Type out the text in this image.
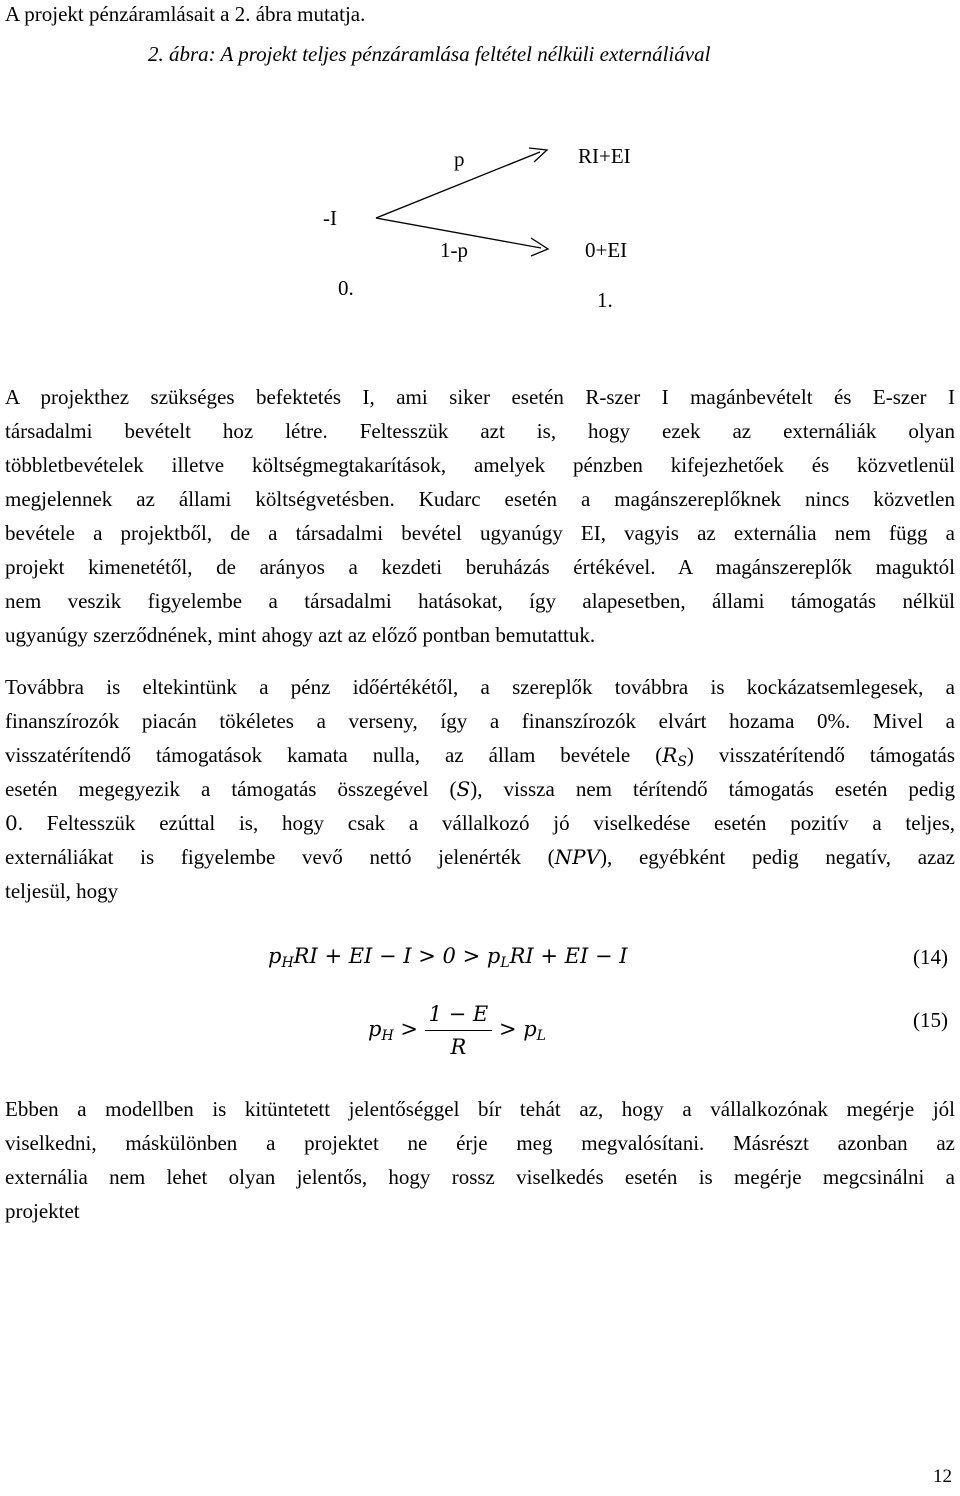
A projekt pénzáramlásait a 2. ábra mutatja.
2. ábra: A projekt teljes pénzáramlása feltétel nélküli externáliával
p	RI+EI
-I
1-p	0+EI
0.	1.
A projekthez szükséges befektetés I, ami siker esetén R-szer I magánbevételt és E-szer I
társadalmi bevételt hoz létre. Feltesszük azt is, hogy ezek az externáliák olyan
többletbevételek illetve költségmegtakarítások, amelyek pénzben kifejezhetőek és közvetlenül
megjelennek az állami költségvetésben. Kudarc esetén a magánszereplőknek nincs közvetlen
bevétele a projektből, de a társadalmi bevétel ugyanúgy EI, vagyis az externália nem függ a
projekt kimenetétől, de arányos a kezdeti beruházás értékével. A magánszereplők maguktól
nem veszik figyelembe a társadalmi hatásokat, így alapesetben, állami támogatás nélkül
ugyanúgy szerződnének, mint ahogy azt az előző pontban bemutattuk.
Továbbra is eltekintünk a pénz időértékétől, a szereplők továbbra is kockázatsemlegesek, a
finanszírozók piacán tökéletes a verseny, így a finanszírozók elvárt hozama 0%. Mivel a
visszatérítendő támogatások kamata nulla, az állam bevétele $(R_S)$ visszatérítendő támogatás
esetén megegyezik a támogatás összegével (S), vissza nem térítendő támogatás esetén pedig
0. Feltesszük ezúttal is, hogy csak a vállalkozó jó viselkedése esetén pozitív a teljes,
externáliákat is figyelembe vevő nettó jelenérték (NPV), egyébként pedig negatív, azaz
teljesül, hogy
$p_HRI$ + EI − $I > 0 > p_LRI$ + EI − I	(14)
$p_H > \frac{1 - E}{R} > p_L$
(15)
Ebben a modellben is kitüntetett jelentőséggel bír tehát az, hogy a vállalkozónak megérje jól
viselkedni, máskülönben a projektet ne érje meg megvalósítani. Másrészt azonban az
externália nem lehet olyan jelentős, hogy rossz viselkedés esetén is megérje megcsinálni a
projektet
12
